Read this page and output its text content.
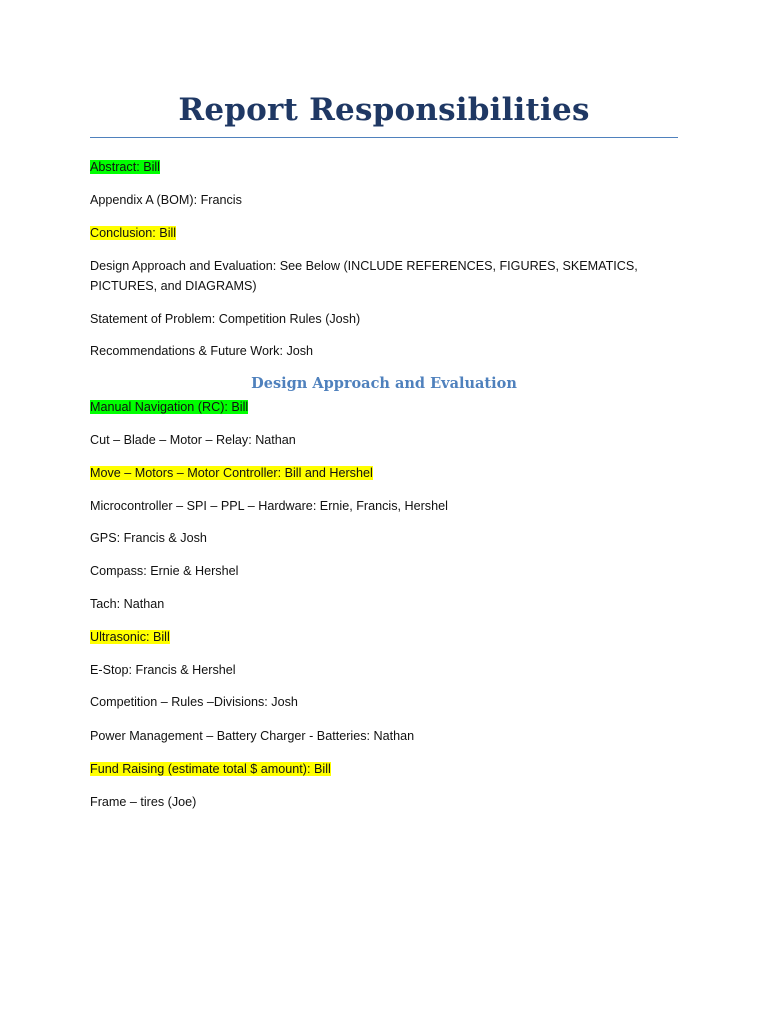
Report Responsibilities

Abstract: Bill

Appendix A (BOM): Francis

Conclusion: Bill

Design Approach and Evaluation: See Below (INCLUDE REFERENCES, FIGURES, SKEMATICS, PICTURES, and DIAGRAMS)

Statement of Problem: Competition Rules (Josh)

Recommendations & Future Work: Josh

Design Approach and Evaluation

Manual Navigation (RC): Bill

Cut – Blade – Motor – Relay: Nathan

Move – Motors – Motor Controller: Bill and Hershel

Microcontroller – SPI – PPL – Hardware: Ernie, Francis, Hershel

GPS: Francis & Josh

Compass: Ernie & Hershel

Tach: Nathan

Ultrasonic: Bill

E-Stop: Francis & Hershel

Competition – Rules –Divisions: Josh

Power Management – Battery Charger - Batteries: Nathan

Fund Raising (estimate total $ amount): Bill

Frame – tires (Joe)
